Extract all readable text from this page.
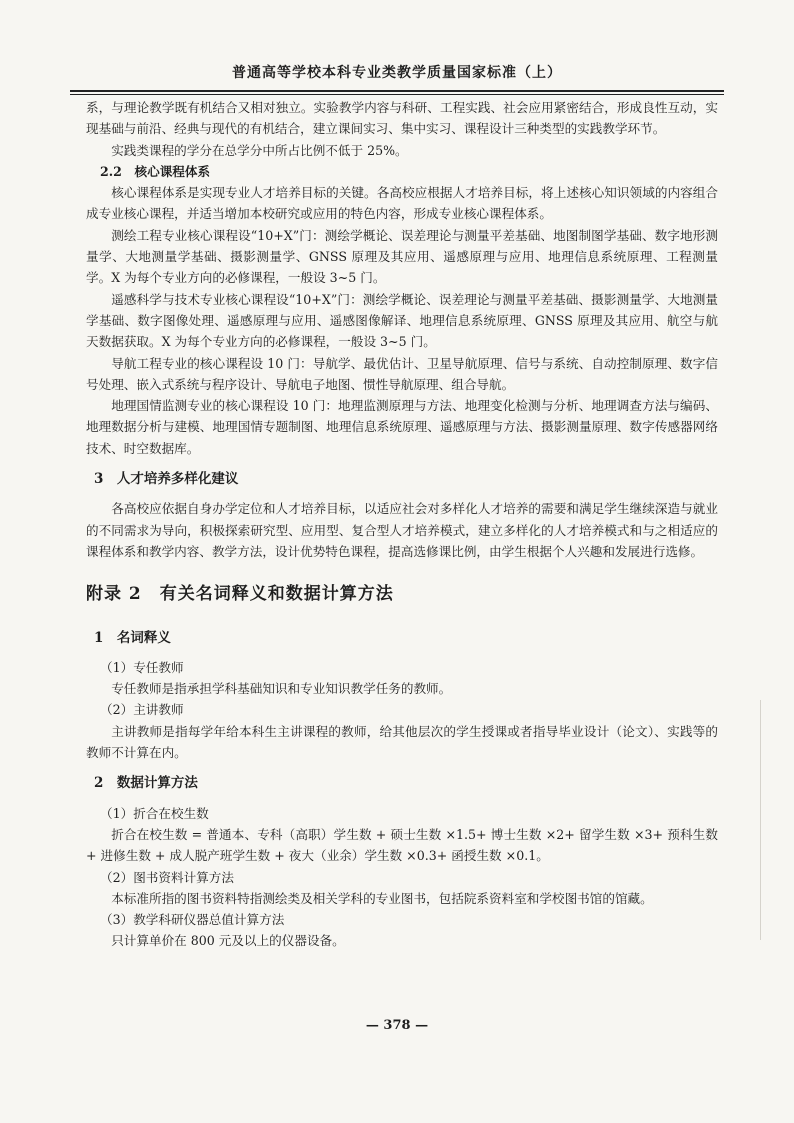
普通高等学校本科专业类教学质量国家标准（上）

系，与理论教学既有机结合又相对独立。实验教学内容与科研、工程实践、社会应用紧密结合，形成良性互动，实现基础与前沿、经典与现代的有机结合，建立课间实习、集中实习、课程设计三种类型的实践教学环节。

实践类课程的学分在总学分中所占比例不低于 25%。

2.2　核心课程体系

核心课程体系是实现专业人才培养目标的关键。各高校应根据人才培养目标，将上述核心知识领域的内容组合成专业核心课程，并适当增加本校研究或应用的特色内容，形成专业核心课程体系。

测绘工程专业核心课程设“10+X”门：测绘学概论、误差理论与测量平差基础、地图制图学基础、数字地形测量学、大地测量学基础、摄影测量学、GNSS 原理及其应用、遥感原理与应用、地理信息系统原理、工程测量学。X 为每个专业方向的必修课程，一般设 3~5 门。

遥感科学与技术专业核心课程设“10+X”门：测绘学概论、误差理论与测量平差基础、摄影测量学、大地测量学基础、数字图像处理、遥感原理与应用、遥感图像解译、地理信息系统原理、GNSS 原理及其应用、航空与航天数据获取。X 为每个专业方向的必修课程，一般设 3~5 门。

导航工程专业的核心课程设 10 门：导航学、最优估计、卫星导航原理、信号与系统、自动控制原理、数字信号处理、嵌入式系统与程序设计、导航电子地图、惯性导航原理、组合导航。

地理国情监测专业的核心课程设 10 门：地理监测原理与方法、地理变化检测与分析、地理调查方法与编码、地理数据分析与建模、地理国情专题制图、地理信息系统原理、遥感原理与方法、摄影测量原理、数字传感器网络技术、时空数据库。

3　人才培养多样化建议

各高校应依据自身办学定位和人才培养目标，以适应社会对多样化人才培养的需要和满足学生继续深造与就业的不同需求为导向，积极探索研究型、应用型、复合型人才培养模式，建立多样化的人才培养模式和与之相适应的课程体系和教学内容、教学方法，设计优势特色课程，提高选修课比例，由学生根据个人兴趣和发展进行选修。

附录 2　有关名词释义和数据计算方法

1　名词释义

（1）专任教师

专任教师是指承担学科基础知识和专业知识教学任务的教师。

（2）主讲教师

主讲教师是指每学年给本科生主讲课程的教师，给其他层次的学生授课或者指导毕业设计（论文）、实践等的教师不计算在内。

2　数据计算方法

（1）折合在校生数

折合在校生数 = 普通本、专科（高职）学生数 + 硕士生数 ×1.5+ 博士生数 ×2+ 留学生数 ×3+ 预科生数 + 进修生数 + 成人脱产班学生数 + 夜大（业余）学生数 ×0.3+ 函授生数 ×0.1。

（2）图书资料计算方法

本标准所指的图书资料特指测绘类及相关学科的专业图书，包括院系资料室和学校图书馆的馆藏。

（3）教学科研仪器总值计算方法

只计算单价在 800 元及以上的仪器设备。

— 378 —
